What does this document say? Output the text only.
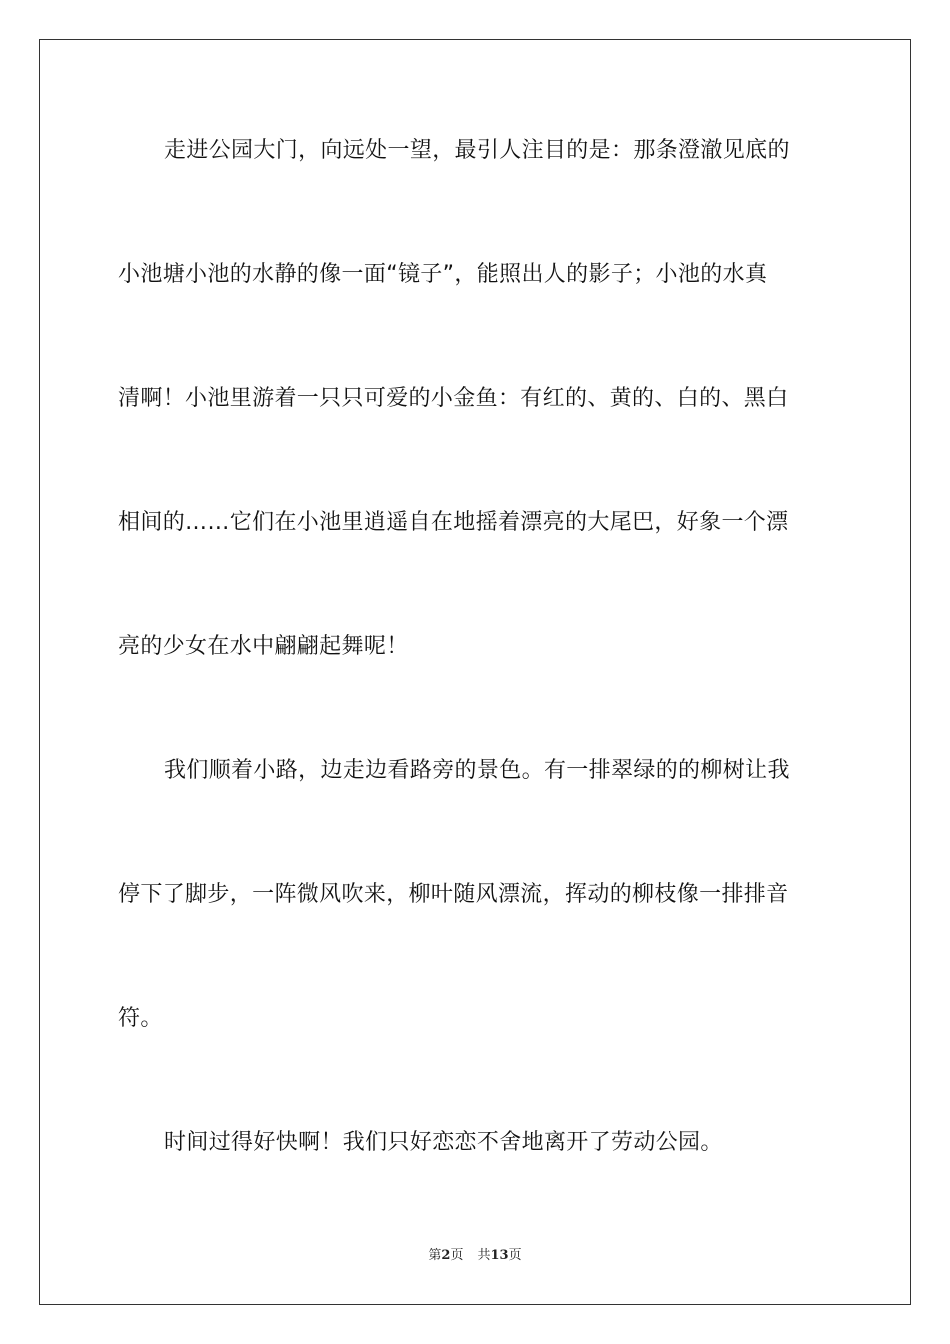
走进公园大门，向远处一望，最引人注目的是：那条澄澈见底的
小池塘小池的水静的像一面“镜子”，能照出人的影子；小池的水真
清啊！小池里游着一只只可爱的小金鱼：有红的、黄的、白的、黑白
相间的……它们在小池里逍遥自在地摇着漂亮的大尾巴，好象一个漂
亮的少女在水中翩翩起舞呢！
我们顺着小路，边走边看路旁的景色。有一排翠绿的的柳树让我
停下了脚步，一阵微风吹来，柳叶随风漂流，挥动的柳枝像一排排音
符。
时间过得好快啊！我们只好恋恋不舍地离开了劳动公园。
第2页 共13页
